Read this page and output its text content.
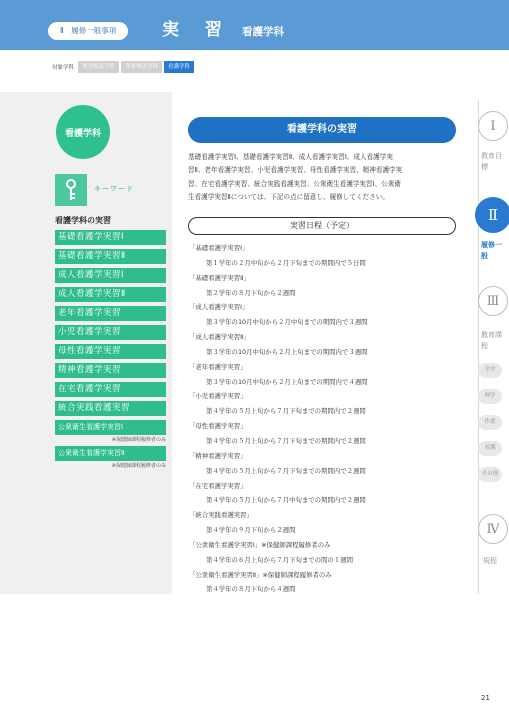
Ⅱ　履修一般事項	実 習 看護学科
対象学科	理学療法学科	作業療法学科	看護学科
看護学科
キーワード
看護学科の実習
基礎看護学実習Ⅰ
基礎看護学実習Ⅱ
成人看護学実習Ⅰ
成人看護学実習Ⅱ
老年看護学実習
小児看護学実習
母性看護学実習
精神看護学実習
在宅看護学実習
統合実践看護実習
公衆衛生看護学実習Ⅰ
※保健師課程履修者のみ
公衆衛生看護学実習Ⅱ
※保健師課程履修者のみ
看護学科の実習
基礎看護学実習Ⅰ、基礎看護学実習Ⅱ、成人看護学実習Ⅰ、成人看護学実
習Ⅱ、老年看護学実習、小児看護学実習、母性看護学実習、精神看護学実
習、在宅看護学実習、統合実践看護実習、公衆衛生看護学実習Ⅰ、公衆衛
生看護学実習Ⅱについては、下記の点に留意し、履修してください。
実習日程（予定）
「基礎看護学実習Ⅰ」
第１学年の２月中旬から２月下旬までの期間内で５日間
「基礎看護学実習Ⅱ」
第２学年の８月下旬から２週間
「成人看護学実習Ⅰ」
第３学年の10月中旬から２月中旬までの期間内で３週間
「成人看護学実習Ⅱ」
第３学年の10月中旬から２月上旬までの期間内で３週間
「老年看護学実習」
第３学年の10月中旬から２月上旬までの期間内で４週間
「小児看護学実習」
第４学年の５月上旬から７月下旬までの期間内で２週間
「母性看護学実習」
第４学年の５月上旬から７月下旬までの期間内で２週間
「精神看護学実習」
第４学年の５月上旬から７月下旬までの期間内で２週間
「在宅看護学実習」
第４学年の５月上旬から７月中旬までの期間内で２週間
「統合実践看護実習」
第４学年の９月下旬から２週間
「公衆衛生看護学実習Ⅰ」※保健師課程履修者のみ
第４学年の６月上旬から７月下旬までの間の１週間
「公衆衛生看護学実習Ⅱ」※保健師課程履修者のみ
第４学年の８月下旬から４週間
Ⅰ
教育目標
Ⅱ
履修一般
Ⅲ
教育課程
全学
理学
作業
看護
その他
Ⅳ
規程
21
